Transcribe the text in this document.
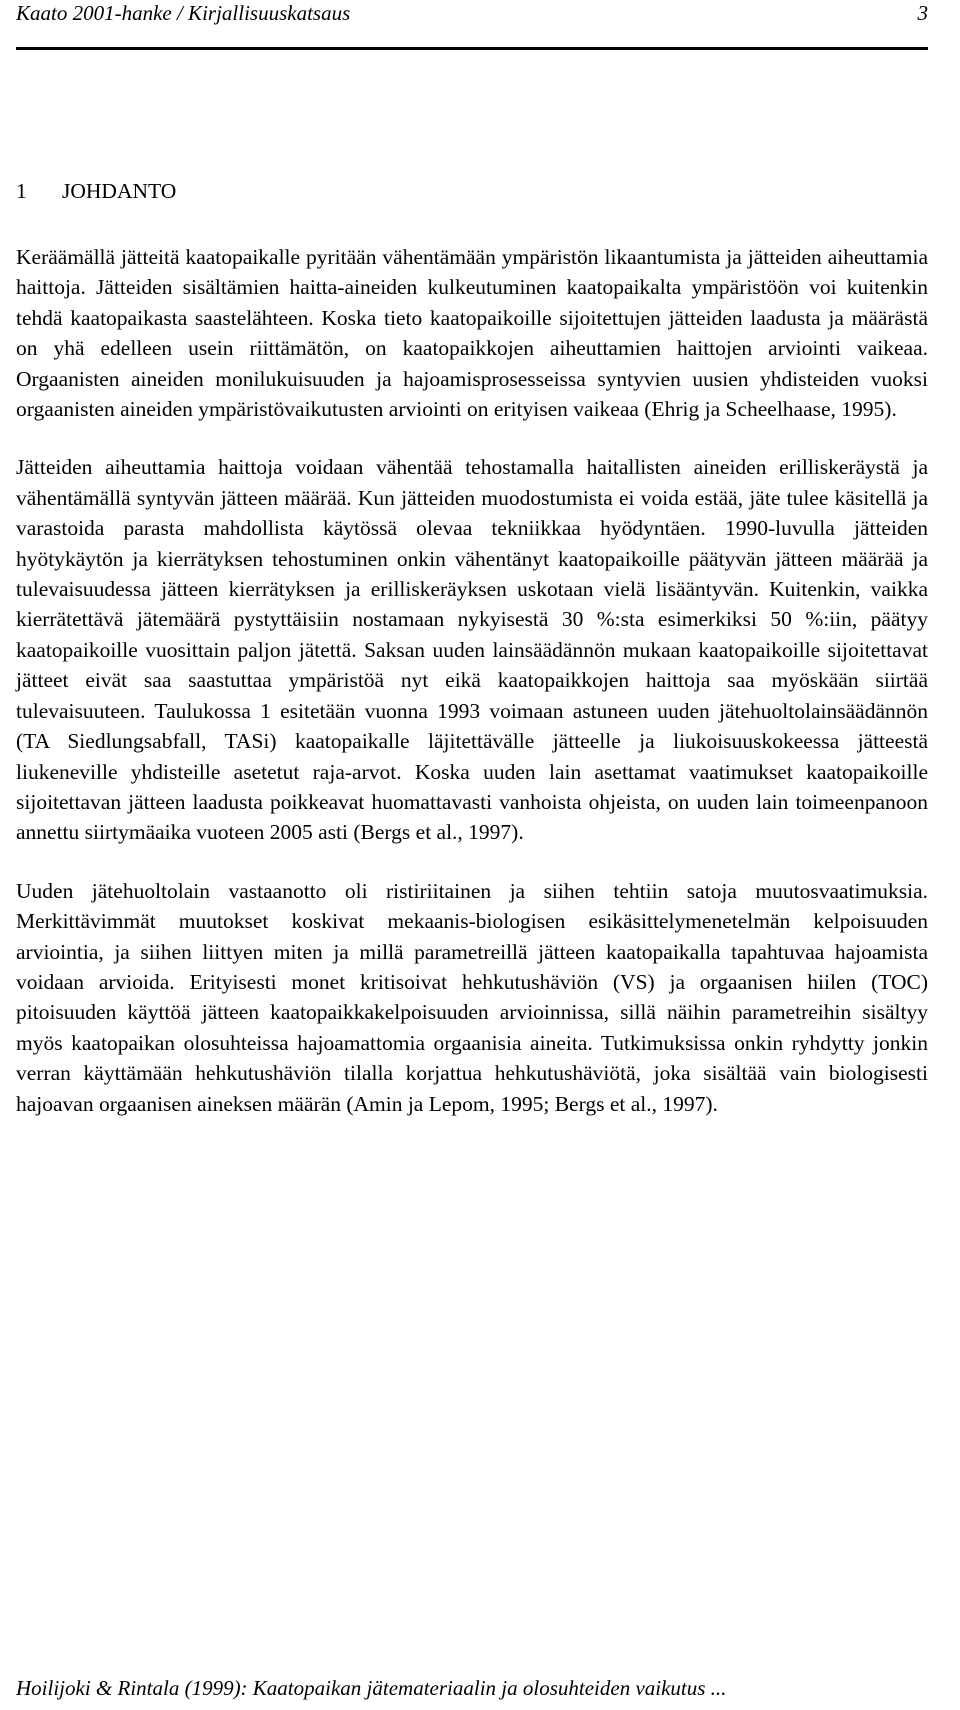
Kaato 2001-hanke / Kirjallisuuskatsaus	3
1 JOHDANTO

Keräämällä jätteitä kaatopaikalle pyritään vähentämään ympäristön likaantumista ja jätteiden aiheuttamia haittoja. Jätteiden sisältämien haitta-aineiden kulkeutuminen kaatopaikalta ympäristöön voi kuitenkin tehdä kaatopaikasta saastelähteen. Koska tieto kaatopaikoille sijoitettujen jätteiden laadusta ja määrästä on yhä edelleen usein riittämätön, on kaatopaikkojen aiheuttamien haittojen arviointi vaikeaa. Orgaanisten aineiden monilukuisuuden ja hajoamisprosesseissa syntyvien uusien yhdisteiden vuoksi orgaanisten aineiden ympäristövaikutusten arviointi on erityisen vaikeaa (Ehrig ja Scheelhaase, 1995).

Jätteiden aiheuttamia haittoja voidaan vähentää tehostamalla haitallisten aineiden erilliskeräystä ja vähentämällä syntyvän jätteen määrää. Kun jätteiden muodostumista ei voida estää, jäte tulee käsitellä ja varastoida parasta mahdollista käytössä olevaa tekniikkaa hyödyntäen. 1990-luvulla jätteiden hyötykäytön ja kierrätyksen tehostuminen onkin vähentänyt kaatopaikoille päätyvän jätteen määrää ja tulevaisuudessa jätteen kierrätyksen ja erilliskeräyksen uskotaan vielä lisääntyvän. Kuitenkin, vaikka kierrätettävä jätemäärä pystyttäisiin nostamaan nykyisestä 30 %:sta esimerkiksi 50 %:iin, päätyy kaatopaikoille vuosittain paljon jätettä. Saksan uuden lainsäädännön mukaan kaatopaikoille sijoitettavat jätteet eivät saa saastuttaa ympäristöä nyt eikä kaatopaikkojen haittoja saa myöskään siirtää tulevaisuuteen. Taulukossa 1 esitetään vuonna 1993 voimaan astuneen uuden jätehuoltolainsäädännön (TA Siedlungsabfall, TASi) kaatopaikalle läjitettävälle jätteelle ja liukoisuuskokeessa jätteestä liukeneville yhdisteille asetetut raja-arvot. Koska uuden lain asettamat vaatimukset kaatopaikoille sijoitettavan jätteen laadusta poikkeavat huomattavasti vanhoista ohjeista, on uuden lain toimeenpanoon annettu siirtymäaika vuoteen 2005 asti (Bergs et al., 1997).

Uuden jätehuoltolain vastaanotto oli ristiriitainen ja siihen tehtiin satoja muutosvaatimuksia. Merkittävimmät muutokset koskivat mekaanis-biologisen esikäsittelymenetelmän kelpoisuuden arviointia, ja siihen liittyen miten ja millä parametreillä jätteen kaatopaikalla tapahtuvaa hajoamista voidaan arvioida. Erityisesti monet kritisoivat hehkutushäviön (VS) ja orgaanisen hiilen (TOC) pitoisuuden käyttöä jätteen kaatopaikkakelpoisuuden arvioinnissa, sillä näihin parametreihin sisältyy myös kaatopaikan olosuhteissa hajoamattomia orgaanisia aineita. Tutkimuksissa onkin ryhdytty jonkin verran käyttämään hehkutushäviön tilalla korjattua hehkutushäviötä, joka sisältää vain biologisesti hajoavan orgaanisen aineksen määrän (Amin ja Lepom, 1995; Bergs et al., 1997).

Hoilijoki & Rintala (1999): Kaatopaikan jätemateriaalin ja olosuhteiden vaikutus ...
